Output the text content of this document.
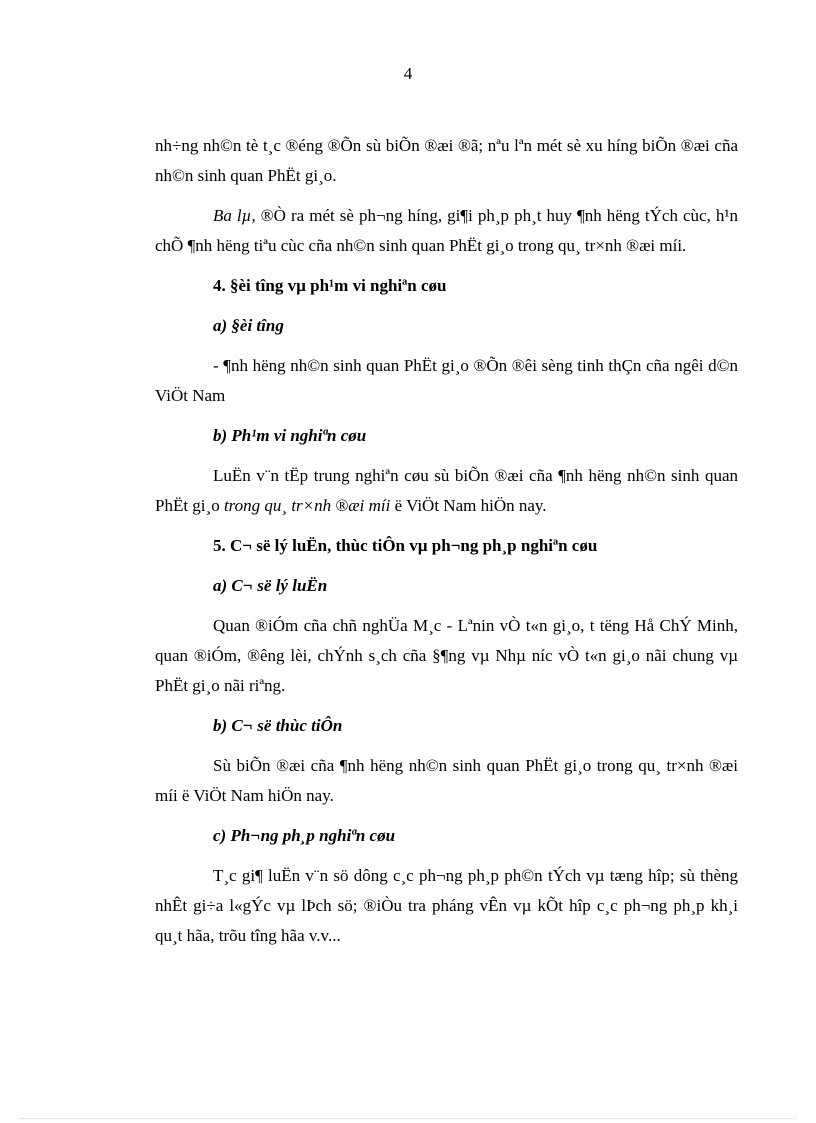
4

nh÷ng nh©n tè t¸c ®éng ®Õn sù biÕn ®æi ®ã; nªu lªn mét sè xu híng biÕn ®æi cña nh©n sinh quan PhËt gi¸o.

Ba lµ, ®Ò ra mét sè ph¬ng híng, gi¶i ph¸p ph¸t huy ¶nh hëng tÝch cùc, h¹n chÕ ¶nh hëng tiªu cùc cña nh©n sinh quan PhËt gi¸o trong qu¸ tr×nh ®æi míi.

4. §èi tîng vµ ph¹m vi nghiªn cøu
a) §èi tîng

- ¶nh hëng nh©n sinh quan PhËt gi¸o ®Õn ®êi sèng tinh thÇn cña ngêi d©n ViÖt Nam

b) Ph¹m vi nghiªn cøu

LuËn v¨n tËp trung nghiªn cøu sù biÕn ®æi cña ¶nh hëng nh©n sinh quan PhËt gi¸o trong qu¸ tr×nh ®æi míi ë ViÖt Nam hiÖn nay.

5. C¬ së lý luËn, thùc tiÔn vµ ph¬ng ph¸p nghiªn cøu
a) C¬ së lý luËn

Quan ®iÓm cña chñ nghÜa M¸c - Lªnin vÒ t«n gi¸o, t tëng Hå ChÝ Minh, quan ®iÓm, ®êng lèi, chÝnh s¸ch cña §¶ng vµ Nhµ níc vÒ t«n gi¸o nãi chung vµ PhËt gi¸o nãi riªng.

b) C¬ së thùc tiÔn

Sù biÕn ®æi cña ¶nh hëng nh©n sinh quan PhËt gi¸o trong qu¸ tr×nh ®æi míi ë ViÖt Nam hiÖn nay.

c) Ph¬ng ph¸p nghiªn cøu

T¸c gi¶ luËn v¨n sö dông c¸c ph¬ng ph¸p ph©n tÝch vµ tæng hîp; sù thèng nhÊt gi÷a l«gÝc vµ lÞch sö; ®iÒu tra pháng vÊn vµ kÕt hîp c¸c ph¬ng ph¸p kh¸i qu¸t hãa, trõu tîng hãa v.v...
